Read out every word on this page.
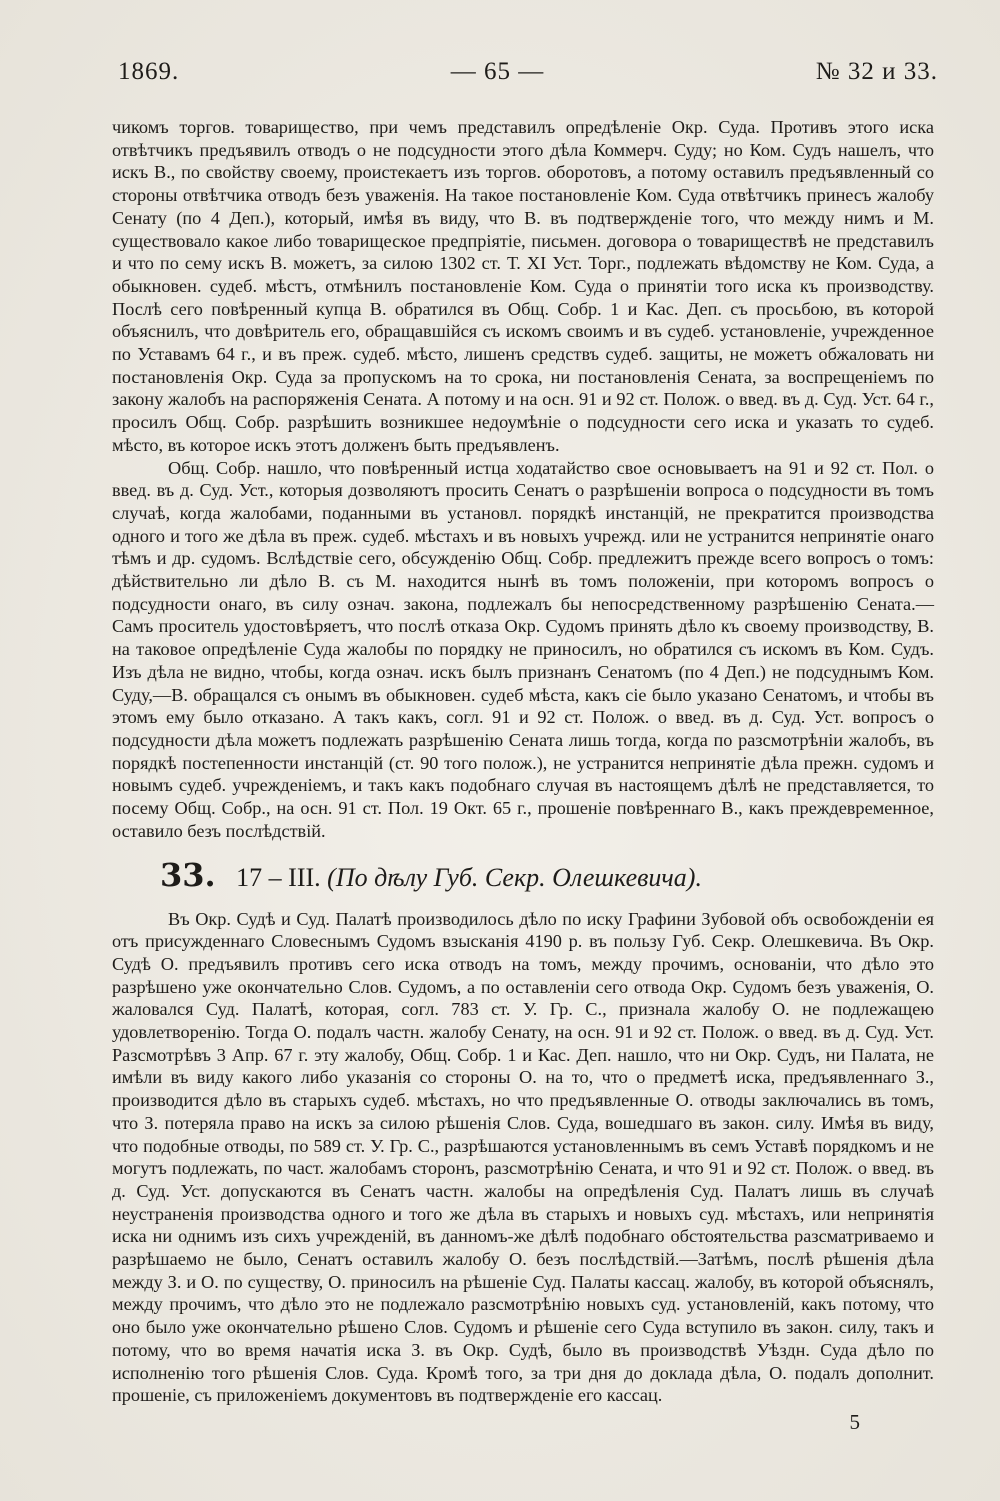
1869.	— 65 —	№ 32 и 33.

чикомъ торгов. товарищество, при чемъ представилъ опредѣленіе Окр. Суда. Противъ этого иска отвѣтчикъ предъявилъ отводъ о не подсудности этого дѣла Коммерч. Суду; но Ком. Судъ нашелъ, что искъ В., по свойству своему, проистекаетъ изъ торгов. оборотовъ, а потому оставилъ предъявленный со стороны отвѣтчика отводъ безъ уваженія. На такое постановленіе Ком. Суда отвѣтчикъ принесъ жалобу Сенату (по 4 Деп.), который, имѣя въ виду, что В. въ подтвержденіе того, что между нимъ и М. существовало какое либо товарищеское предпріятіе, письмен. договора о товариществѣ не представилъ и что по сему искъ В. можетъ, за силою 1302 ст. Т. XI Уст. Торг., подлежать вѣдомству не Ком. Суда, а обыкновен. судеб. мѣстъ, отмѣнилъ постановленіе Ком. Суда о принятіи того иска къ производству. Послѣ сего повѣренный купца В. обратился въ Общ. Собр. 1 и Кас. Деп. съ просьбою, въ которой объяснилъ, что довѣритель его, обращавшійся съ искомъ своимъ и въ судеб. установленіе, учрежденное по Уставамъ 64 г., и въ преж. судеб. мѣсто, лишенъ средствъ судеб. защиты, не можетъ обжаловать ни постановленія Окр. Суда за пропускомъ на то срока, ни постановленія Сената, за воспрещеніемъ по закону жалобъ на распоряженія Сената. А потому и на осн. 91 и 92 ст. Полож. о введ. въ д. Суд. Уст. 64 г., просилъ Общ. Собр. разрѣшить возникшее недоумѣніе о подсудности сего иска и указать то судеб. мѣсто, въ которое искъ этотъ долженъ быть предъявленъ.

Общ. Собр. нашло, что повѣренный истца ходатайство свое основываетъ на 91 и 92 ст. Пол. о введ. въ д. Суд. Уст., которыя дозволяютъ просить Сенатъ о разрѣшеніи вопроса о подсудности въ томъ случаѣ, когда жалобами, поданными въ установл. порядкѣ инстанцій, не прекратится производства одного и того же дѣла въ преж. судеб. мѣстахъ и въ новыхъ учрежд. или не устранится непринятіе онаго тѣмъ и др. судомъ. Вслѣдствіе сего, обсужденію Общ. Собр. предлежитъ прежде всего вопросъ о томъ: дѣйствительно ли дѣло В. съ М. находится нынѣ въ томъ положеніи, при которомъ вопросъ о подсудности онаго, въ силу означ. закона, подлежалъ бы непосредственному разрѣшенію Сената.— Самъ проситель удостовѣряетъ, что послѣ отказа Окр. Судомъ принять дѣло къ своему производству, В. на таковое опредѣленіе Суда жалобы по порядку не приносилъ, но обратился съ искомъ въ Ком. Судъ. Изъ дѣла не видно, чтобы, когда означ. искъ былъ признанъ Сенатомъ (по 4 Деп.) не подсуднымъ Ком. Суду,—В. обращался съ онымъ въ обыкновен. судеб мѣста, какъ сіе было указано Сенатомъ, и чтобы въ этомъ ему было отказано. А такъ какъ, согл. 91 и 92 ст. Полож. о введ. въ д. Суд. Уст. вопросъ о подсудности дѣла можетъ подлежать разрѣшенію Сената лишь тогда, когда по разсмотрѣніи жалобъ, въ порядкѣ постепенности инстанцій (ст. 90 того полож.), не устранится непринятіе дѣла прежн. судомъ и новымъ судеб. учрежденіемъ, и такъ какъ подобнаго случая въ настоящемъ дѣлѣ не представляется, то посему Общ. Собр., на осн. 91 ст. Пол. 19 Окт. 65 г., прошеніе повѣреннаго В., какъ преждевременное, оставило безъ послѣдствій.

33. 17 – III. (По дѣлу Губ. Секр. Олешкевича).

Въ Окр. Судѣ и Суд. Палатѣ производилось дѣло по иску Графини Зубовой объ освобожденіи ея отъ присужденнаго Словеснымъ Судомъ взысканія 4190 р. въ пользу Губ. Секр. Олешкевича. Въ Окр. Судѣ О. предъявилъ противъ сего иска отводъ на томъ, между прочимъ, основаніи, что дѣло это разрѣшено уже окончательно Слов. Судомъ, а по оставленіи сего отвода Окр. Судомъ безъ уваженія, О. жаловался Суд. Палатѣ, которая, согл. 783 ст. У. Гр. С., признала жалобу О. не подлежащею удовлетворенію. Тогда О. подалъ частн. жалобу Сенату, на осн. 91 и 92 ст. Полож. о введ. въ д. Суд. Уст. Разсмотрѣвъ 3 Апр. 67 г. эту жалобу, Общ. Собр. 1 и Кас. Деп. нашло, что ни Окр. Судъ, ни Палата, не имѣли въ виду какого либо указанія со стороны О. на то, что о предметѣ иска, предъявленнаго З., производится дѣло въ старыхъ судеб. мѣстахъ, но что предъявленные О. отводы заключались въ томъ, что З. потеряла право на искъ за силою рѣшенія Слов. Суда, вошедшаго въ закон. силу. Имѣя въ виду, что подобные отводы, по 589 ст. У. Гр. С., разрѣшаются установленнымъ въ семъ Уставѣ порядкомъ и не могутъ подлежать, по част. жалобамъ сторонъ, разсмотрѣнію Сената, и что 91 и 92 ст. Полож. о введ. въ д. Суд. Уст. допускаются въ Сенатъ частн. жалобы на опредѣленія Суд. Палатъ лишь въ случаѣ неустраненія производства одного и того же дѣла въ старыхъ и новыхъ суд. мѣстахъ, или непринятія иска ни однимъ изъ сихъ учрежденій, въ данномъ-же дѣлѣ подобнаго обстоятельства разсматриваемо и разрѣшаемо не было, Сенатъ оставилъ жалобу О. безъ послѣдствій.—Затѣмъ, послѣ рѣшенія дѣла между З. и О. по существу, О. приносилъ на рѣшеніе Суд. Палаты кассац. жалобу, въ которой объяснялъ, между прочимъ, что дѣло это не подлежало разсмотрѣнію новыхъ суд. установленій, какъ потому, что оно было уже окончательно рѣшено Слов. Судомъ и рѣшеніе сего Суда вступило въ закон. силу, такъ и потому, что во время начатія иска З. въ Окр. Судѣ, было въ производствѣ Уѣздн. Суда дѣло по исполненію того рѣшенія Слов. Суда. Кромѣ того, за три дня до доклада дѣла, О. подалъ дополнит. прошеніе, съ приложеніемъ документовъ въ подтвержденіе его кассац.

5
